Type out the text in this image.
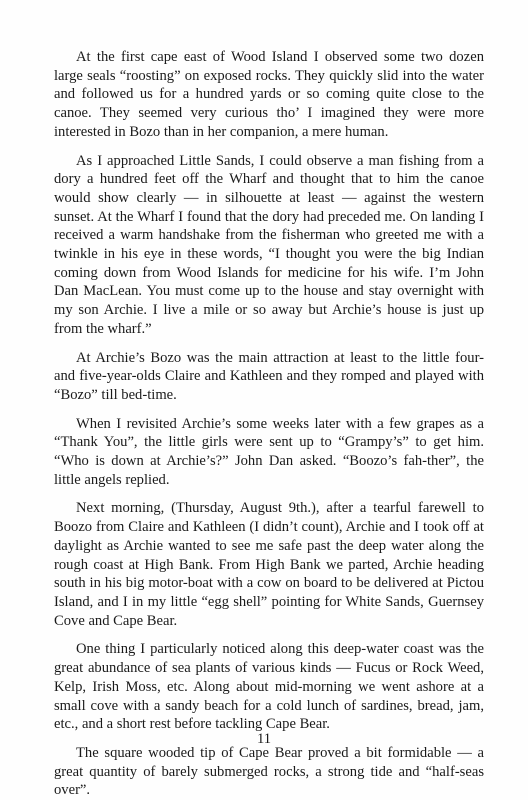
At the first cape east of Wood Island I observed some two dozen large seals “roosting” on exposed rocks. They quickly slid into the water and followed us for a hundred yards or so coming quite close to the canoe. They seemed very curious tho’ I imagined they were more interested in Bozo than in her companion, a mere human.

As I approached Little Sands, I could observe a man fishing from a dory a hundred feet off the Wharf and thought that to him the canoe would show clearly — in silhouette at least — against the western sunset. At the Wharf I found that the dory had preceded me. On landing I received a warm handshake from the fisherman who greeted me with a twinkle in his eye in these words, “I thought you were the big Indian coming down from Wood Islands for medicine for his wife. I’m John Dan MacLean. You must come up to the house and stay overnight with my son Archie. I live a mile or so away but Archie’s house is just up from the wharf.”

At Archie’s Bozo was the main attraction at least to the little four- and five-year-olds Claire and Kathleen and they romped and played with “Bozo” till bed-time.

When I revisited Archie’s some weeks later with a few grapes as a “Thank You”, the little girls were sent up to “Grampy’s” to get him. “Who is down at Archie’s?” John Dan asked. “Boozo’s fah-ther”, the little angels replied.

Next morning, (Thursday, August 9th.), after a tearful farewell to Boozo from Claire and Kathleen (I didn’t count), Archie and I took off at daylight as Archie wanted to see me safe past the deep water along the rough coast at High Bank. From High Bank we parted, Archie heading south in his big motor-boat with a cow on board to be delivered at Pictou Island, and I in my little “egg shell” pointing for White Sands, Guernsey Cove and Cape Bear.

One thing I particularly noticed along this deep-water coast was the great abundance of sea plants of various kinds — Fucus or Rock Weed, Kelp, Irish Moss, etc. Along about mid-morning we went ashore at a small cove with a sandy beach for a cold lunch of sardines, bread, jam, etc., and a short rest before tackling Cape Bear.

The square wooded tip of Cape Bear proved a bit formidable — a great quantity of barely submerged rocks, a strong tide and “half-seas over”.

11
